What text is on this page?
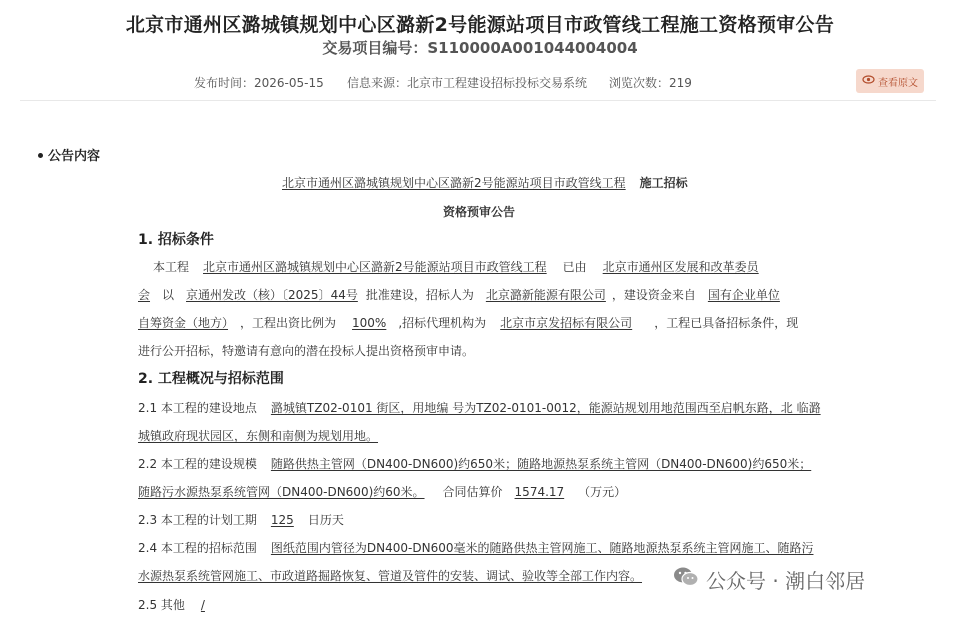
北京市通州区潞城镇规划中心区潞新2号能源站项目市政管线工程施工资格预审公告
交易项目编号：S110000A001044004004
发布时间：2026-05-15 信息来源：北京市工程建设招标投标交易系统 浏览次数：219	查看原文
公告内容
北京市通州区潞城镇规划中心区潞新2号能源站项目市政管线工程 施工招标
资格预审公告
1. 招标条件
本工程 北京市通州区潞城镇规划中心区潞新2号能源站项目市政管线工程 已由 北京市通州区发展和改革委员
会 以 京通州发改（核）〔2025〕44号 批准建设，招标人为 北京潞新能源有限公司 ，建设资金来自 国有企业单位
自筹资金（地方） ，工程出资比例为 100% ,招标代理机构为 北京市京发招标有限公司 ，工程已具备招标条件，现
进行公开招标，特邀请有意向的潜在投标人提出资格预审申请。
2. 工程概况与招标范围
2.1 本工程的建设地点 潞城镇TZ02-0101 街区，用地编 号为TZ02-0101-0012，能源站规划用地范围西至启帆东路，北 临潞
城镇政府现状园区，东侧和南侧为规划用地。
2.2 本工程的建设规模 随路供热主管网（DN400-DN600)约650米；随路地源热泵系统主管网（DN400-DN600)约650米；
随路污水源热泵系统管网（DN400-DN600)约60米。 合同估算价 1574.17 （万元）
2.3 本工程的计划工期 125 日历天
2.4 本工程的招标范围 图纸范围内管径为DN400-DN600毫米的随路供热主管网施工、随路地源热泵系统主管网施工、随路污
水源热泵系统管网施工、市政道路掘路恢复、管道及管件的安装、调试、验收等全部工作内容。
2.5 其他 /
公众号 · 潮白邻居
